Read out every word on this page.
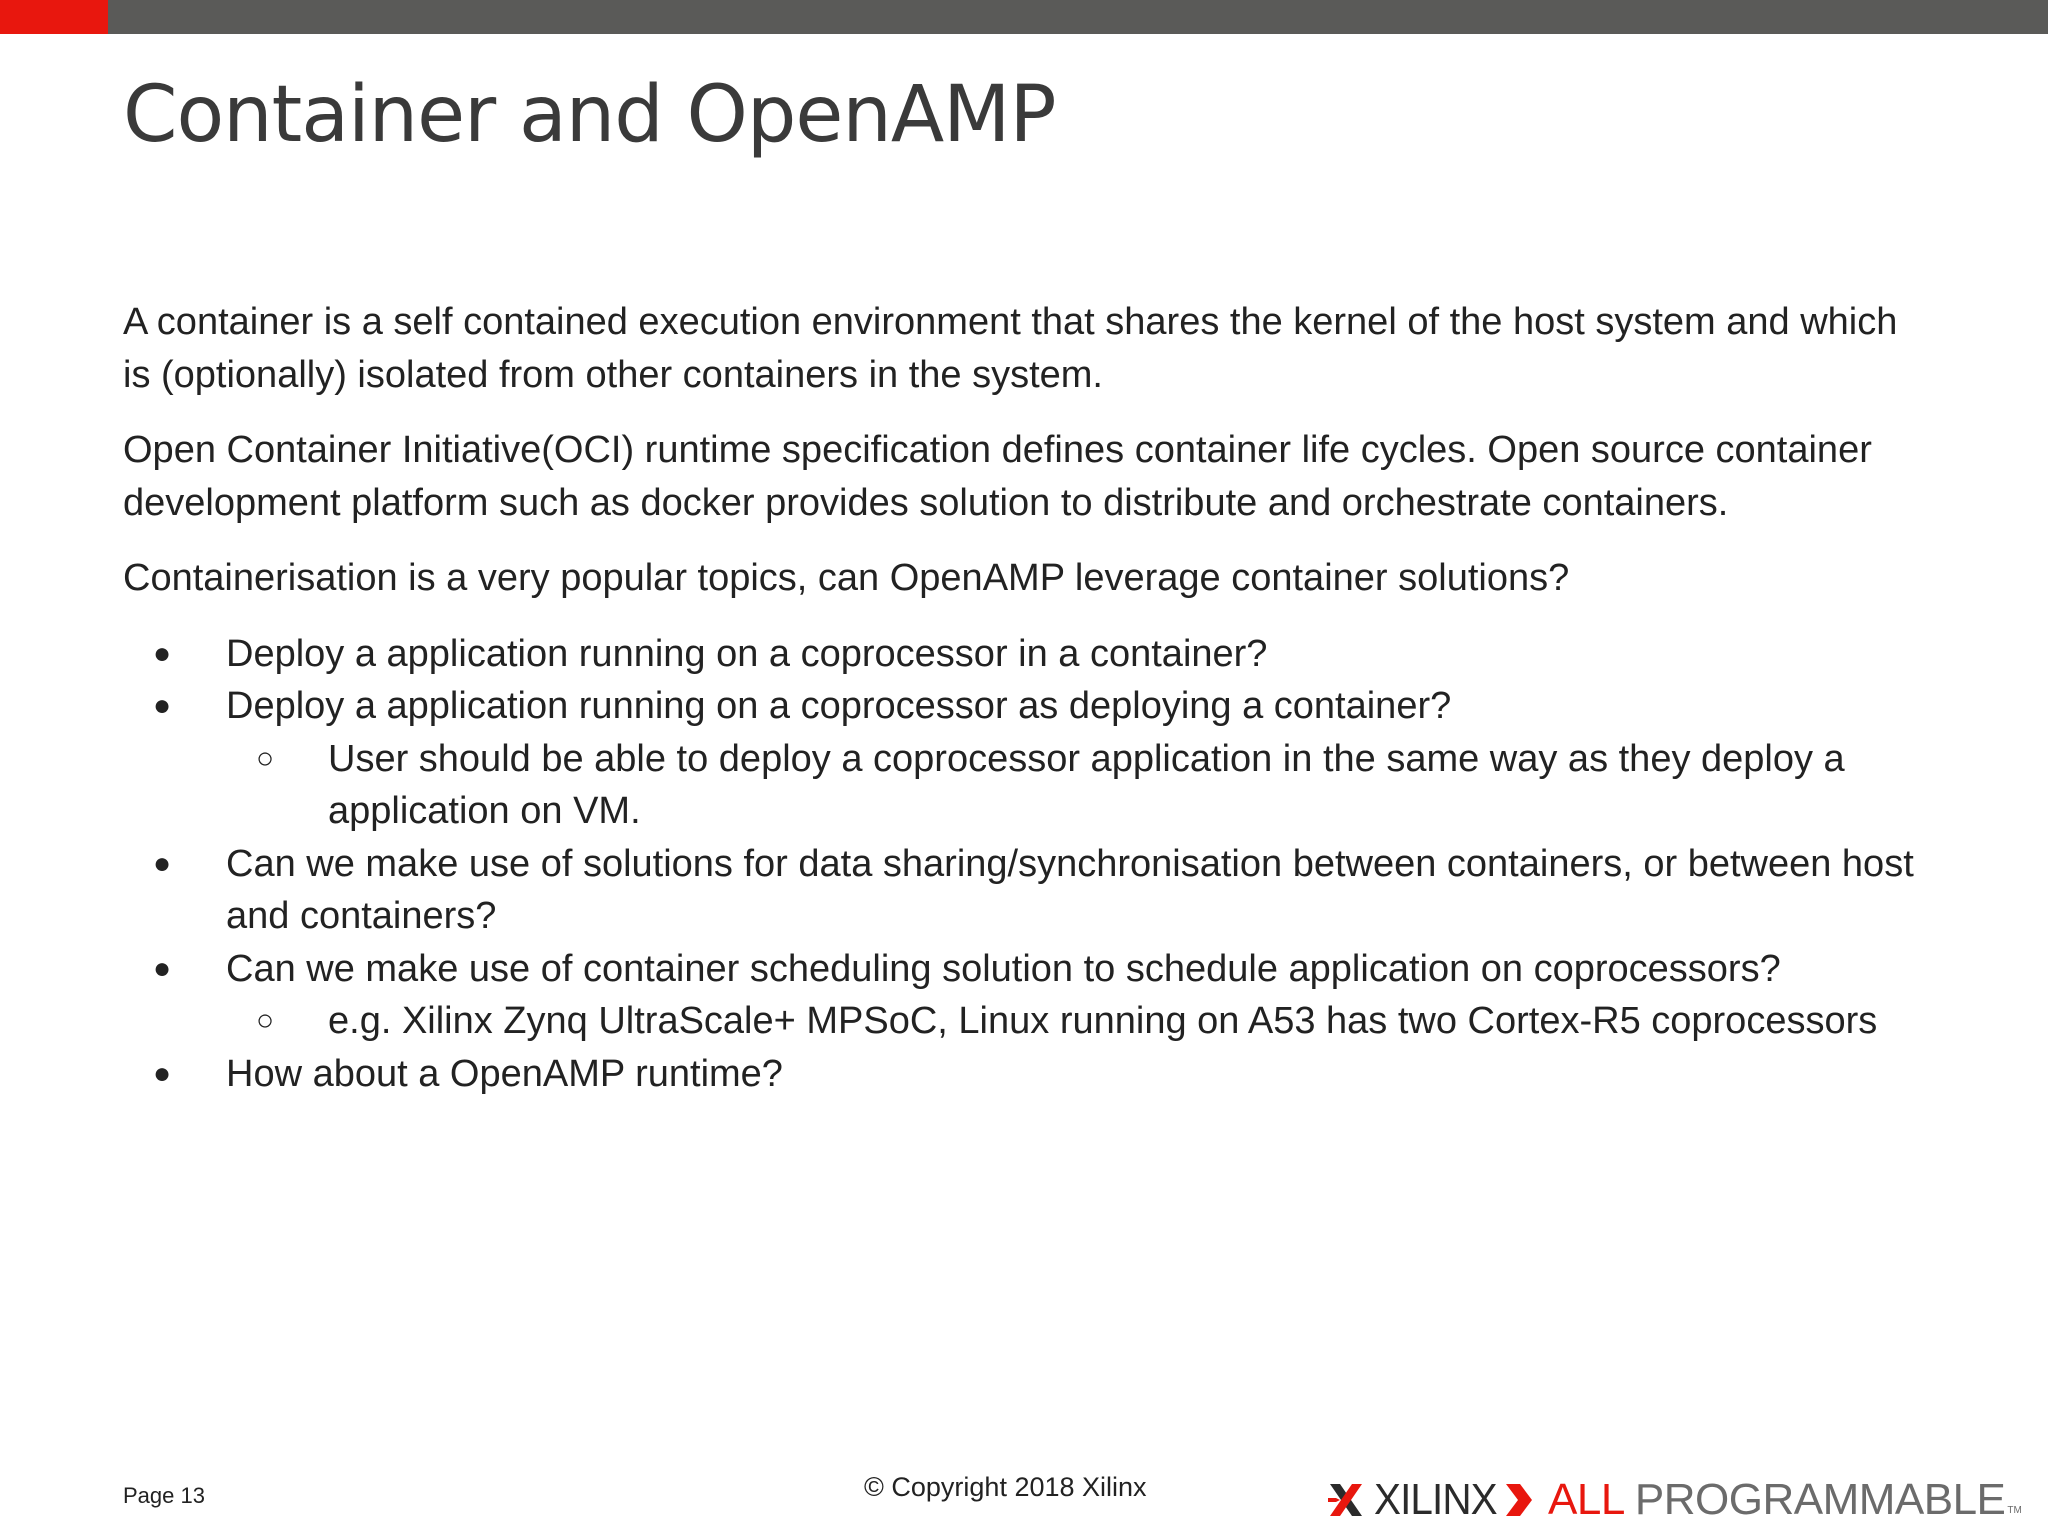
Container and OpenAMP

A container is a self contained execution environment that shares the kernel of the host system and which is (optionally) isolated from other containers in the system.

Open Container Initiative(OCI) runtime specification defines container life cycles. Open source container development platform such as docker provides solution to distribute and orchestrate containers.

Containerisation is a very popular topics, can OpenAMP leverage container solutions?

● Deploy a application running on a coprocessor in a container?
● Deploy a application running on a coprocessor as deploying a container?
○ User should be able to deploy a coprocessor application in the same way as they deploy a application on VM.
● Can we make use of solutions for data sharing/synchronisation between containers, or between host and containers?
● Can we make use of container scheduling solution to schedule application on coprocessors?
○ e.g. Xilinx Zynq UltraScale+ MPSoC, Linux running on A53 has two Cortex-R5 coprocessors
● How about a OpenAMP runtime?
Page 13	© Copyright 2018 Xilinx	XILINX ALL PROGRAMMABLE TM
